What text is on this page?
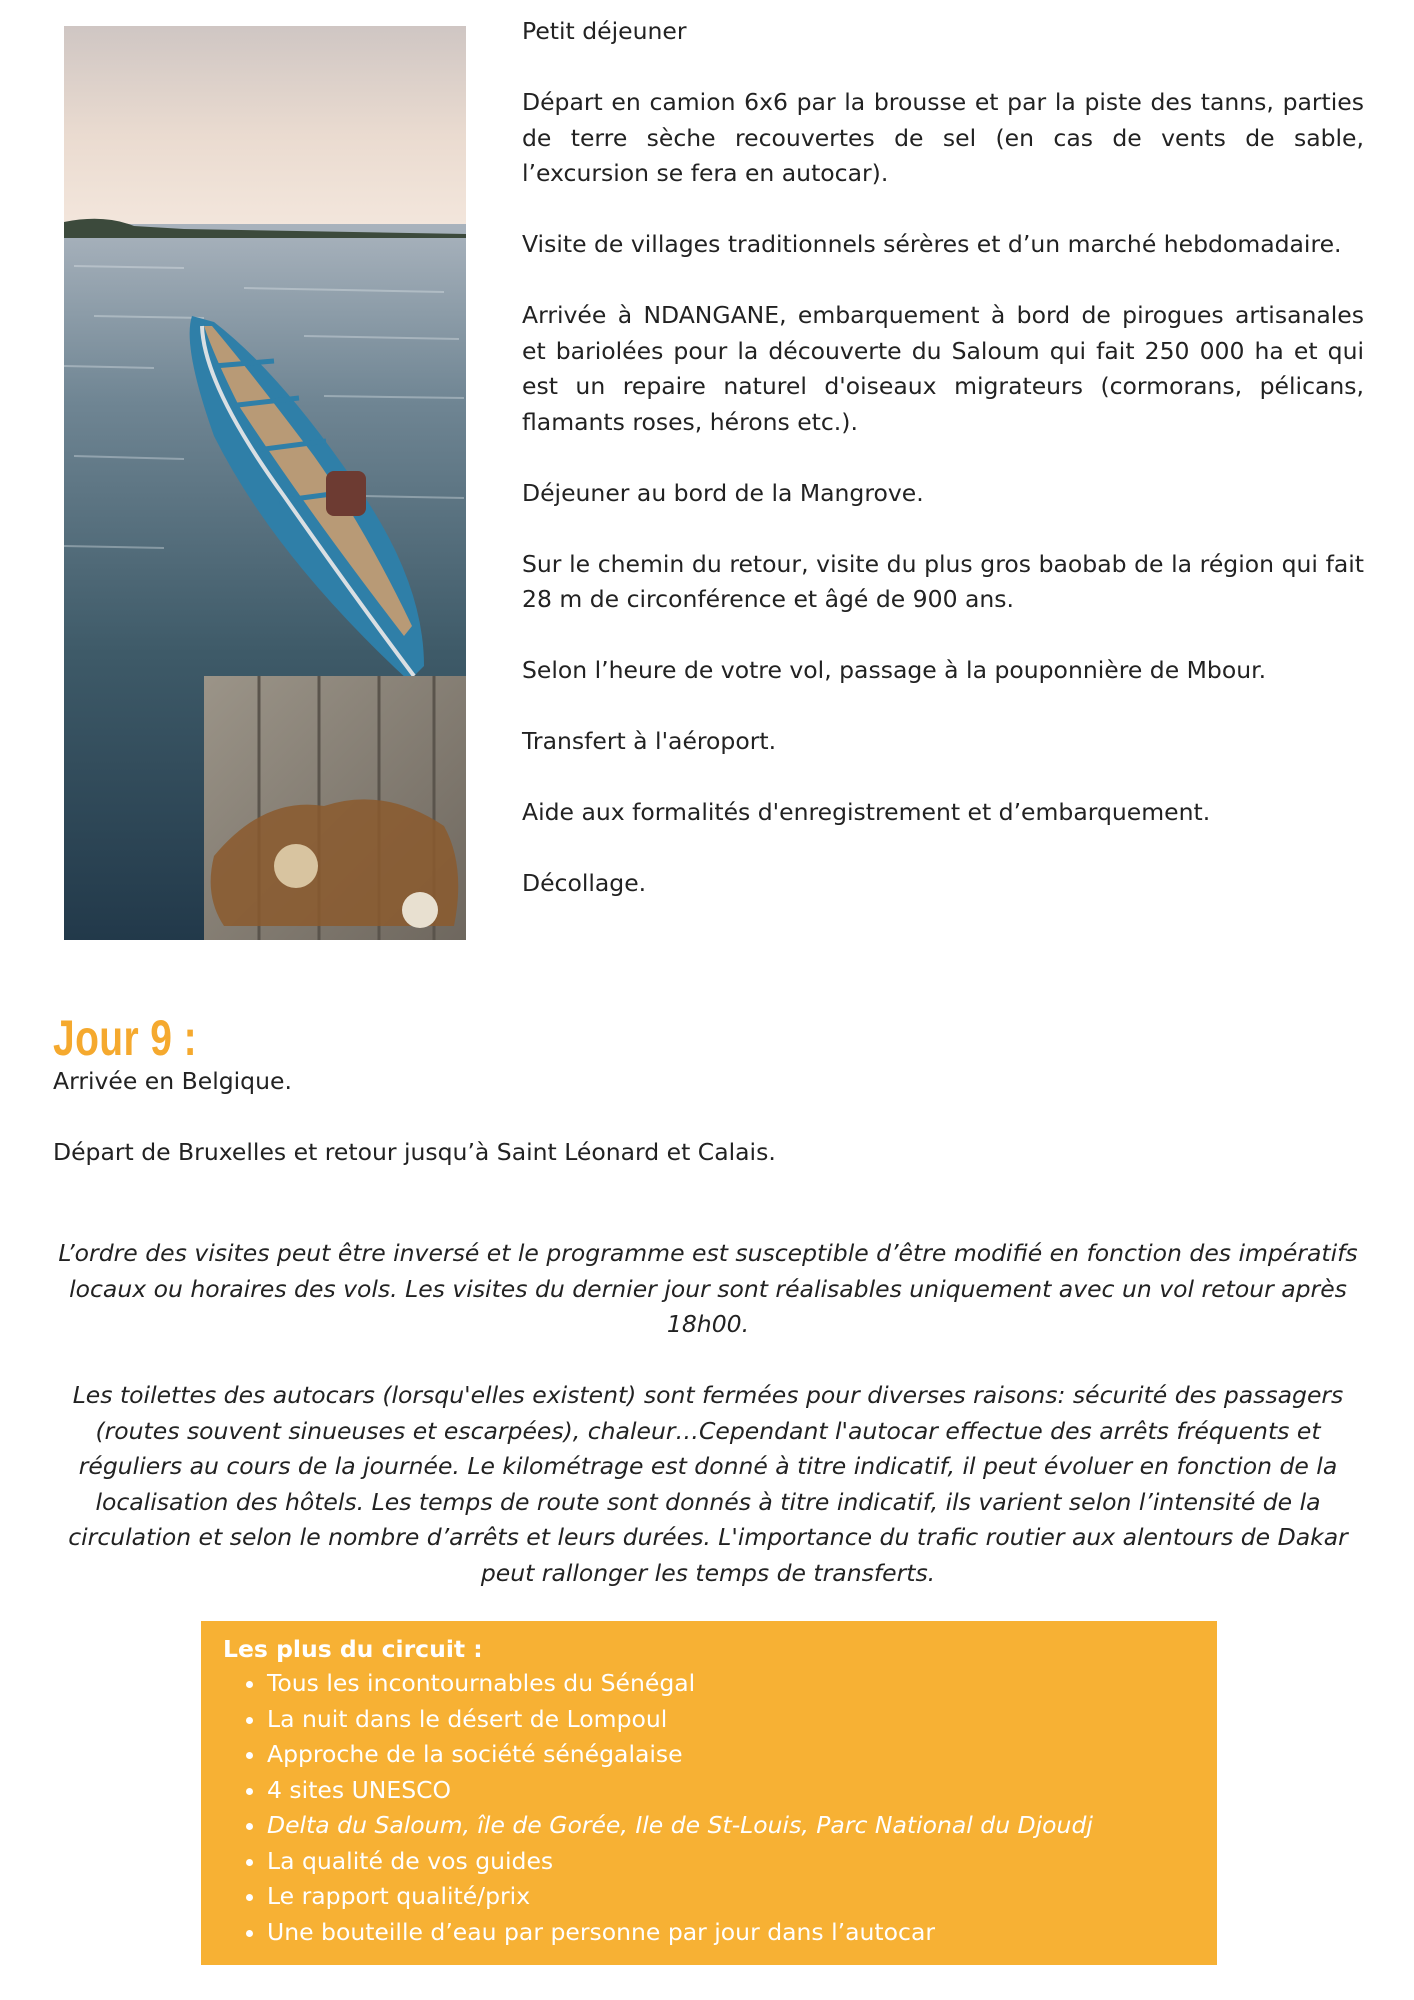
Petit déjeuner

Départ en camion 6x6 par la brousse et par la piste des tanns, parties de terre sèche recouvertes de sel (en cas de vents de sable, l’excursion se fera en autocar).

Visite de villages traditionnels sérères et d’un marché hebdomadaire.

Arrivée à NDANGANE, embarquement à bord de pirogues artisanales et bariolées pour la découverte du Saloum qui fait 250 000 ha et qui est un repaire naturel d'oiseaux migrateurs (cormorans, pélicans, flamants roses, hérons etc.).

Déjeuner au bord de la Mangrove.

Sur le chemin du retour, visite du plus gros baobab de la région qui fait 28 m de circonférence et âgé de 900 ans.

Selon l’heure de votre vol, passage à la pouponnière de Mbour.

Transfert à l'aéroport.

Aide aux formalités d'enregistrement et d’embarquement.

Décollage.

Jour 9 :

Arrivée en Belgique.

Départ de Bruxelles et retour jusqu’à Saint Léonard et Calais.

L’ordre des visites peut être inversé et le programme est susceptible d’être modifié en fonction des impératifs locaux ou horaires des vols. Les visites du dernier jour sont réalisables uniquement avec un vol retour après 18h00.

Les toilettes des autocars (lorsqu'elles existent) sont fermées pour diverses raisons: sécurité des passagers (routes souvent sinueuses et escarpées), chaleur…Cependant l'autocar effectue des arrêts fréquents et réguliers au cours de la journée. Le kilométrage est donné à titre indicatif, il peut évoluer en fonction de la localisation des hôtels. Les temps de route sont donnés à titre indicatif, ils varient selon l’intensité de la circulation et selon le nombre d’arrêts et leurs durées. L'importance du trafic routier aux alentours de Dakar peut rallonger les temps de transferts.

Les plus du circuit :

• Tous les incontournables du Sénégal
• La nuit dans le désert de Lompoul
• Approche de la société sénégalaise
• 4 sites UNESCO
• Delta du Saloum, île de Gorée, Ile de St-Louis, Parc National du Djoudj
• La qualité de vos guides
• Le rapport qualité/prix
• Une bouteille d’eau par personne par jour dans l’autocar
